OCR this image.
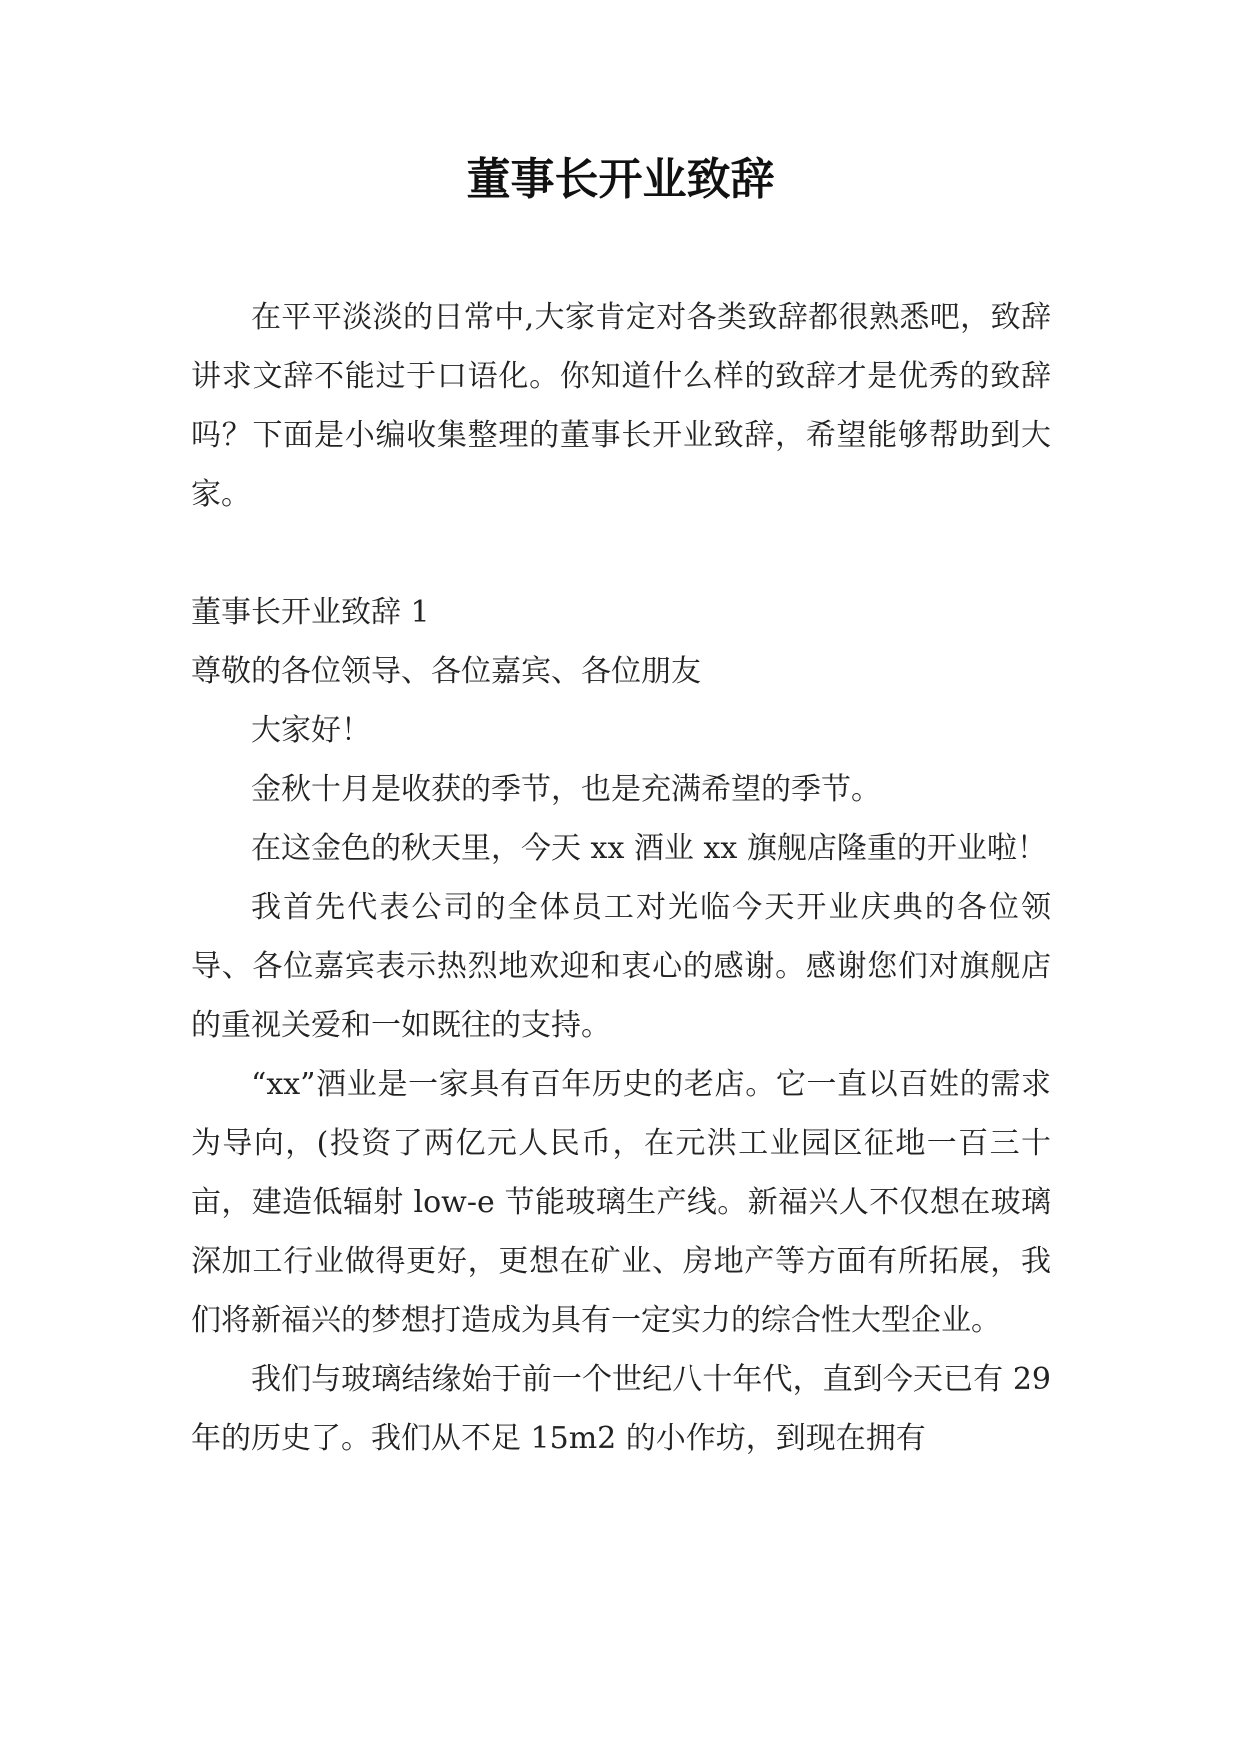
董事长开业致辞

在平平淡淡的日常中,大家肯定对各类致辞都很熟悉吧，致辞讲求文辞不能过于口语化。你知道什么样的致辞才是优秀的致辞吗？下面是小编收集整理的董事长开业致辞，希望能够帮助到大家。

董事长开业致辞 1

尊敬的各位领导、各位嘉宾、各位朋友

大家好！

金秋十月是收获的季节，也是充满希望的季节。

在这金色的秋天里，今天 xx 酒业 xx 旗舰店隆重的开业啦！

我首先代表公司的全体员工对光临今天开业庆典的各位领导、各位嘉宾表示热烈地欢迎和衷心的感谢。感谢您们对旗舰店的重视关爱和一如既往的支持。

“xx”酒业是一家具有百年历史的老店。它一直以百姓的需求为导向，(投资了两亿元人民币，在元洪工业园区征地一百三十亩，建造低辐射 low-e 节能玻璃生产线。新福兴人不仅想在玻璃深加工行业做得更好，更想在矿业、房地产等方面有所拓展，我们将新福兴的梦想打造成为具有一定实力的综合性大型企业。

我们与玻璃结缘始于前一个世纪八十年代，直到今天已有 29 年的历史了。我们从不足 15m2 的小作坊，到现在拥有
